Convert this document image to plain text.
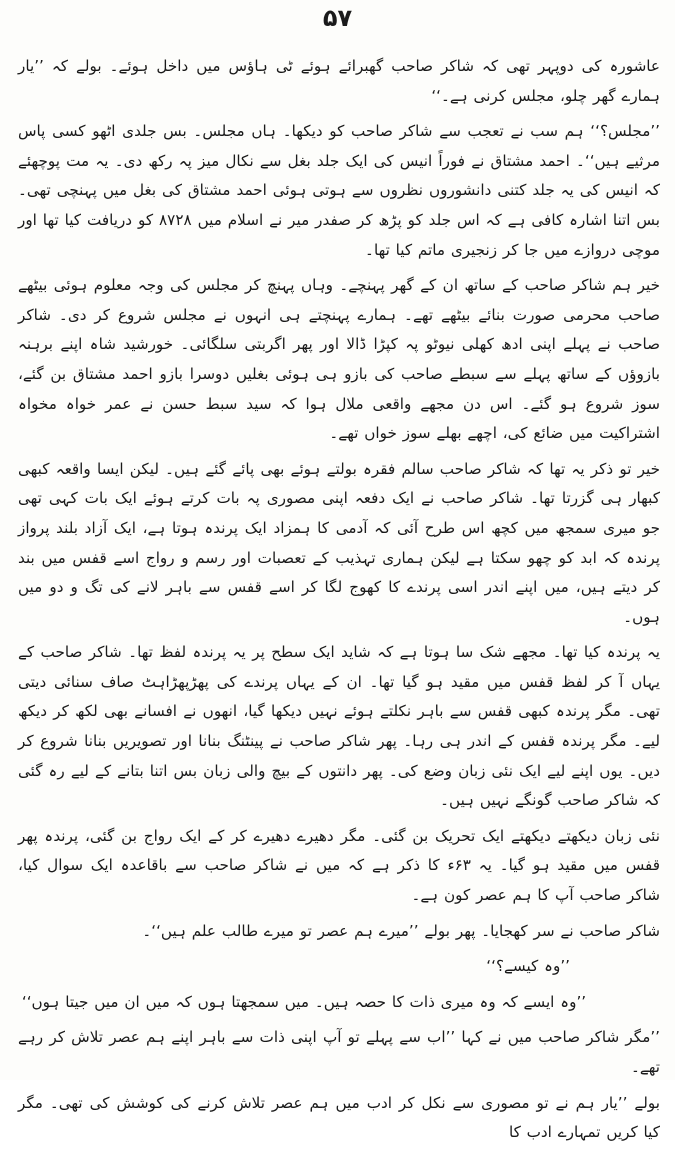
۵۷

عاشورہ کی دوپہر تھی کہ شاکر صاحب گھبرائے ہوئے ٹی ہاؤس میں داخل ہوئے۔ بولے کہ ’’یار ہمارے گھر چلو، مجلس کرنی ہے۔‘‘

’’مجلس؟‘‘ ہم سب نے تعجب سے شاکر صاحب کو دیکھا۔ ہاں مجلس۔ بس جلدی اٹھو کسی پاس مرثیے ہیں‘‘۔ احمد مشتاق نے فوراً انیس کی ایک جلد بغل سے نکال میز پہ رکھ دی۔ یہ مت پوچھئے کہ انیس کی یہ جلد کتنی دانشوروں نظروں سے ہوتی ہوئی احمد مشتاق کی بغل میں پہنچی تھی۔ بس اتنا اشارہ کافی ہے کہ اس جلد کو پڑھ کر صفدر میر نے اسلام میں ۸۷۲۸ کو دریافت کیا تھا اور موچی دروازے میں جا کر زنجیری ماتم کیا تھا۔

خیر ہم شاکر صاحب کے ساتھ ان کے گھر پہنچے۔ وہاں پہنچ کر مجلس کی وجہ معلوم ہوئی بیٹھے صاحب محرمی صورت بنائے بیٹھے تھے۔ ہمارے پہنچتے ہی انہوں نے مجلس شروع کر دی۔ شاکر صاحب نے پہلے اپنی ادھ کھلی نیوٹو پہ کپڑا ڈالا اور پھر اگربتی سلگائی۔ خورشید شاہ اپنے برہنہ بازوؤں کے ساتھ پہلے سے سبطے صاحب کی بازو ہی ہوئی بغلیں دوسرا بازو احمد مشتاق بن گئے، سوز شروع ہو گئے۔ اس دن مجھے واقعی ملال ہوا کہ سید سبط حسن نے عمر خواہ مخواہ اشتراکیت میں ضائع کی، اچھے بھلے سوز خواں تھے۔

خیر تو ذکر یہ تھا کہ شاکر صاحب سالم فقرہ بولتے ہوئے بھی پائے گئے ہیں۔ لیکن ایسا واقعہ کبھی کبھار ہی گزرتا تھا۔ شاکر صاحب نے ایک دفعہ اپنی مصوری پہ بات کرتے ہوئے ایک بات کہی تھی جو میری سمجھ میں کچھ اس طرح آئی کہ آدمی کا ہمزاد ایک پرندہ ہوتا ہے، ایک آزاد بلند پرواز پرندہ کہ ابد کو چھو سکتا ہے لیکن ہماری تہذیب کے تعصبات اور رسم و رواج اسے قفس میں بند کر دیتے ہیں، میں اپنے اندر اسی پرندے کا کھوج لگا کر اسے قفس سے باہر لانے کی تگ و دو میں ہوں۔

یہ پرندہ کیا تھا۔ مجھے شک سا ہوتا ہے کہ شاید ایک سطح پر یہ پرندہ لفظ تھا۔ شاکر صاحب کے یہاں آ کر لفظ قفس میں مقید ہو گیا تھا۔ ان کے یہاں پرندے کی پھڑپھڑاہٹ صاف سنائی دیتی تھی۔ مگر پرندہ کبھی قفس سے باہر نکلتے ہوئے نہیں دیکھا گیا، انھوں نے افسانے بھی لکھ کر دیکھ لیے۔ مگر پرندہ قفس کے اندر ہی رہا۔ پھر شاکر صاحب نے پینٹنگ بنانا اور تصویریں بنانا شروع کر دیں۔ یوں اپنے لیے ایک نئی زبان وضع کی۔ پھر دانتوں کے بیچ والی زبان بس اتنا بتانے کے لیے رہ گئی کہ شاکر صاحب گونگے نہیں ہیں۔

نئی زبان دیکھتے دیکھتے ایک تحریک بن گئی۔ مگر دھیرے دھیرے کر کے ایک رواج بن گئی، پرندہ پھر قفس میں مقید ہو گیا۔ یہ ۶۳ء کا ذکر ہے کہ میں نے شاکر صاحب سے باقاعدہ ایک سوال کیا، شاکر صاحب آپ کا ہم عصر کون ہے۔

شاکر صاحب نے سر کھجایا۔ پھر بولے ’’میرے ہم عصر تو میرے طالب علم ہیں‘‘۔

’’وہ کیسے؟‘‘

’’وہ ایسے کہ وہ میری ذات کا حصہ ہیں۔ میں سمجھتا ہوں کہ میں ان میں جیتا ہوں‘‘

’’مگر شاکر صاحب میں نے کہا ’’اب سے پہلے تو آپ اپنی ذات سے باہر اپنے ہم عصر تلاش کر رہے تھے۔

بولے ’’یار ہم نے تو مصوری سے نکل کر ادب میں ہم عصر تلاش کرنے کی کوشش کی تھی۔ مگر کیا کریں تمہارے ادب کا
